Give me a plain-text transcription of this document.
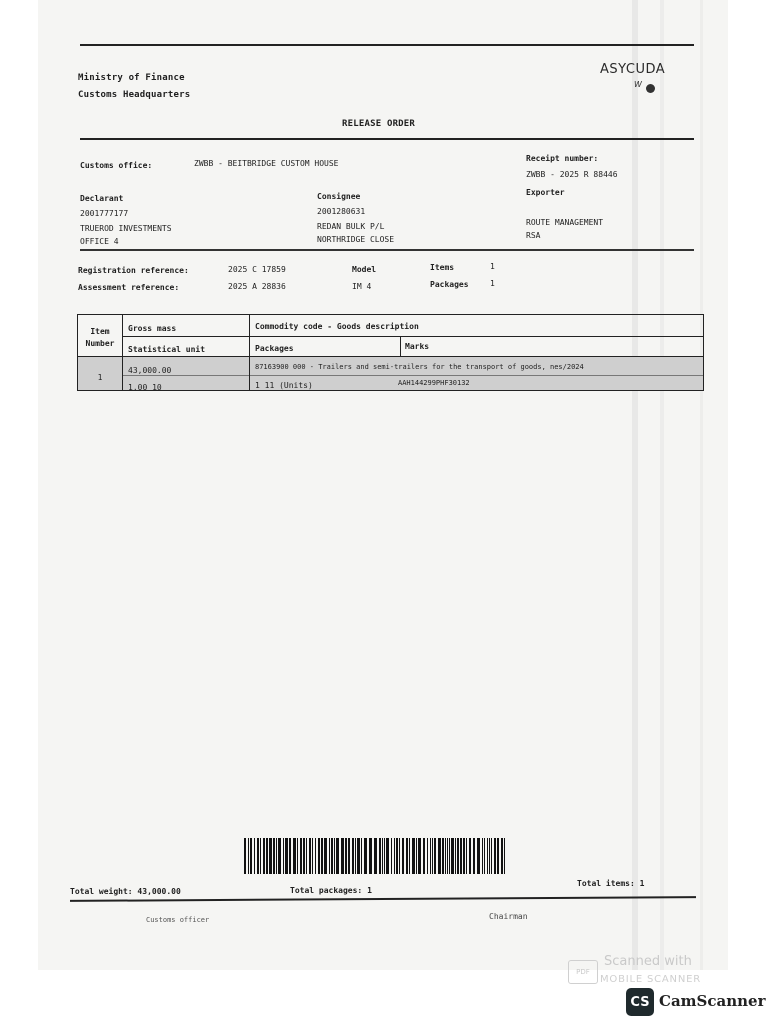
Ministry of Finance
Customs Headquarters
ASYCUDA
W
RELEASE ORDER
Customs office:	ZWBB - BEITBRIDGE CUSTOM HOUSE
Receipt number:
ZWBB - 2025 R 88446
Declarant
2001777177
TRUEROD INVESTMENTS
OFFICE 4
Consignee
2001280631
REDAN BULK P/L
NORTHRIDGE CLOSE
Exporter
ROUTE MANAGEMENT
RSA
Registration reference:	2025 C 17859
Assessment reference:	2025 A 28836
Model
IM 4
Items	1
Packages	1
Item Number
Gross mass	Commodity code - Goods description
Statistical unit	Packages	Marks
1
43,000.00	87163900 000 - Trailers and semi-trailers for the transport of goods, nes/2024
1.00 10	1 11 (Units)	AAH144299PHF30132
Total weight: 43,000.00	Total packages: 1
Total items: 1
Customs officer	Chairman
PDF
Scanned with
MOBILE SCANNER
CS CamScanner
